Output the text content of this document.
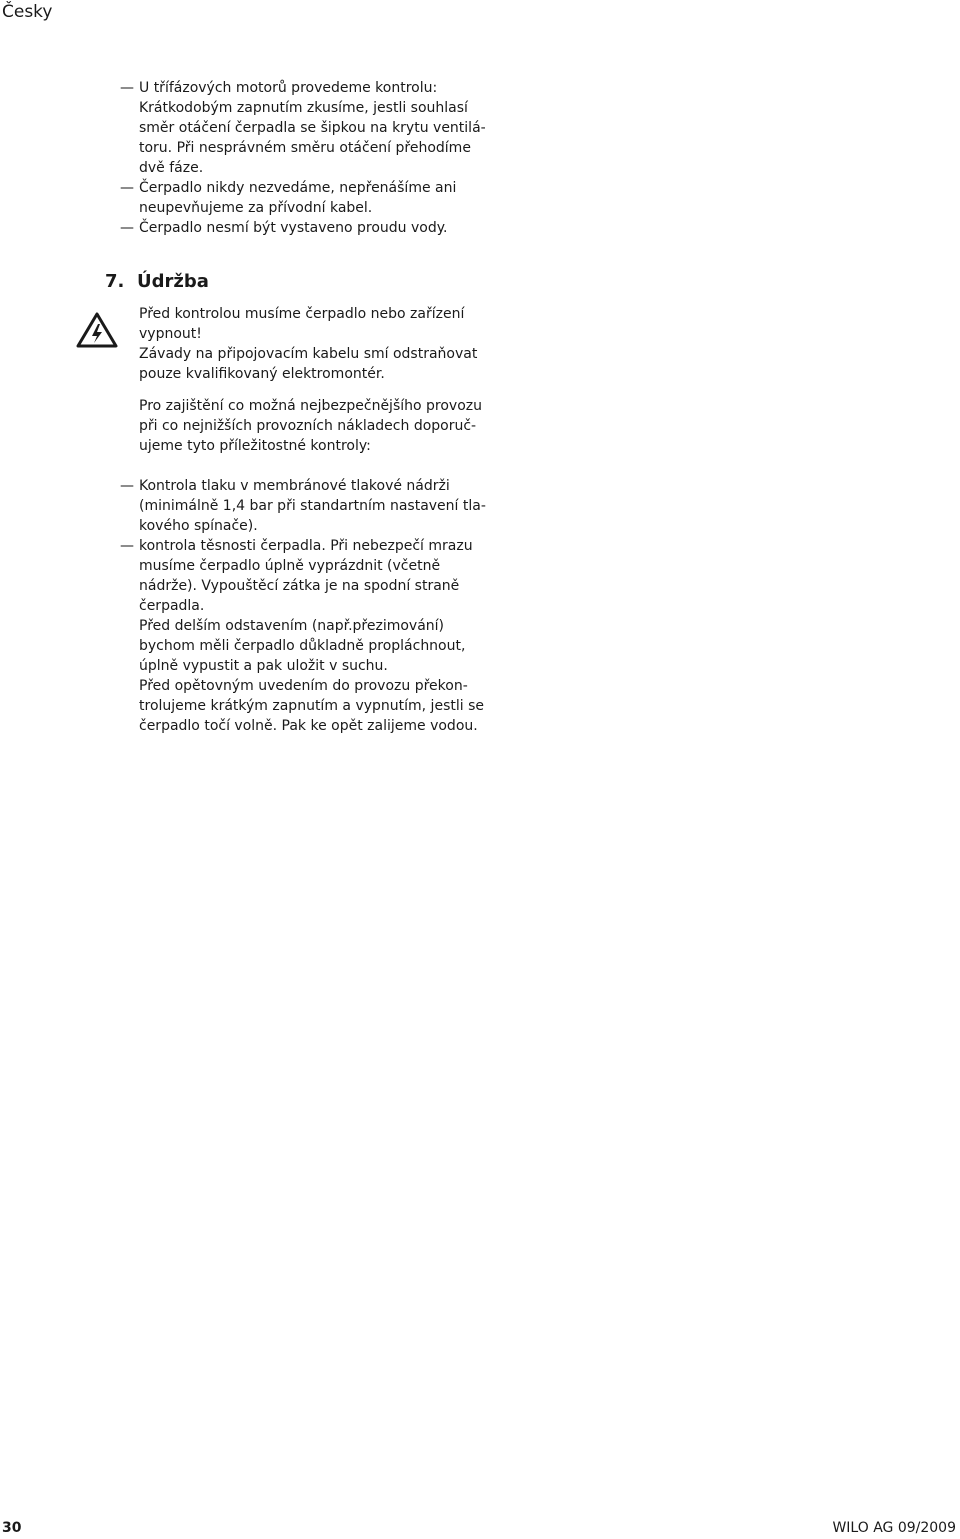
Česky
— U třífázových motorů provedeme kontrolu:
Krátkodobým zapnutím zkusíme, jestli souhlasí
směr otáčení čerpadla se šipkou na krytu ventilá-
toru. Při nesprávném směru otáčení přehodíme
dvě fáze.
— Čerpadlo nikdy nezvedáme, nepřenášíme ani
neupevňujeme za přívodní kabel.
— Čerpadlo nesmí být vystaveno proudu vody.
7. Údržba
Před kontrolou musíme čerpadlo nebo zařízení
vypnout!
Závady na připojovacím kabelu smí odstraňovat
pouze kvalifikovaný elektromontér.
Pro zajištění co možná nejbezpečnějšího provozu
při co nejnižších provozních nákladech doporuč-
ujeme tyto příležitostné kontroly:
— Kontrola tlaku v membránové tlakové nádrži
(minimálně 1,4 bar při standartním nastavení tla-
kového spínače).
— kontrola těsnosti čerpadla. Při nebezpečí mrazu
musíme čerpadlo úplně vyprázdnit (včetně
nádrže). Vypouštěcí zátka je na spodní straně
čerpadla.
Před delším odstavením (např.přezimování)
bychom měli čerpadlo důkladně propláchnout,
úplně vypustit a pak uložit v suchu.
Před opětovným uvedením do provozu překon-
trolujeme krátkým zapnutím a vypnutím, jestli se
čerpadlo točí volně. Pak ke opět zalijeme vodou.
30	WILO AG 09/2009
